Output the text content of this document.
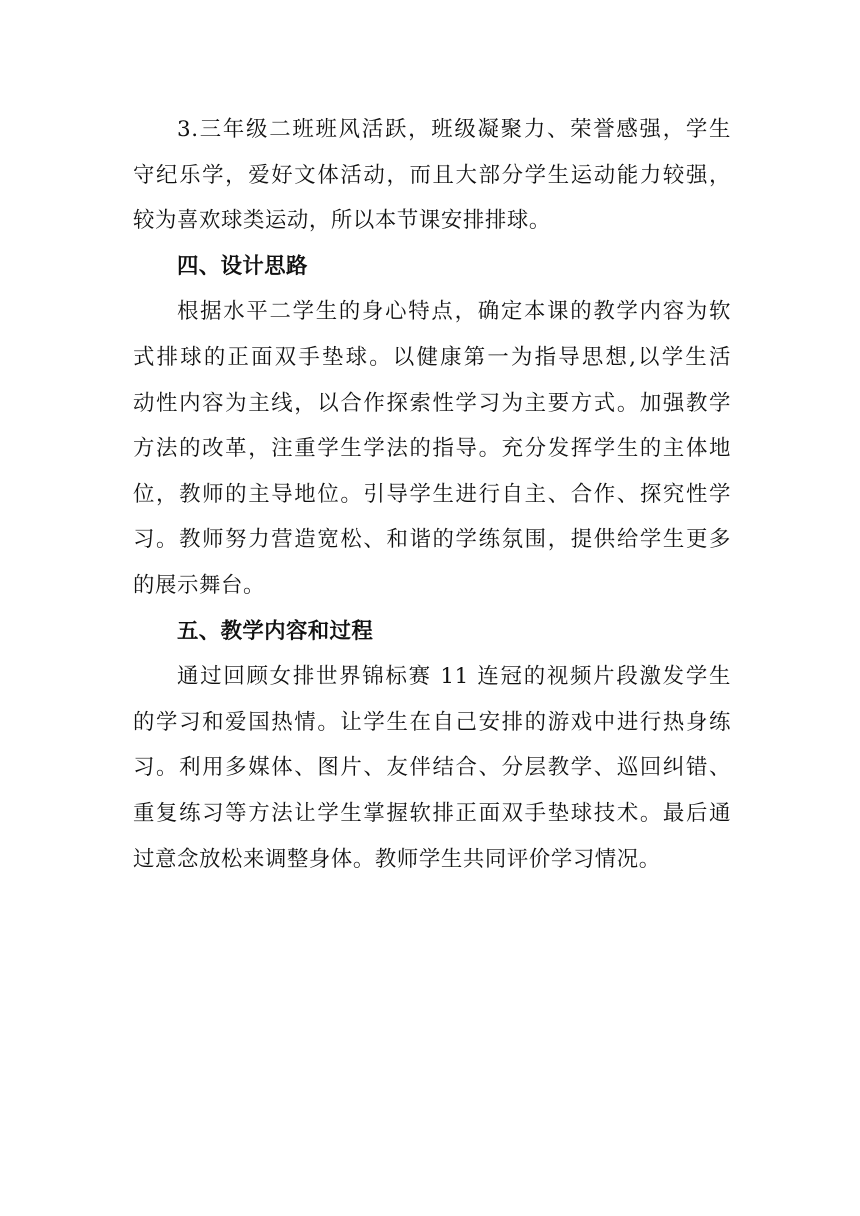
3.三年级二班班风活跃，班级凝聚力、荣誉感强，学生
守纪乐学，爱好文体活动，而且大部分学生运动能力较强，
较为喜欢球类运动，所以本节课安排排球。
四、设计思路
根据水平二学生的身心特点，确定本课的教学内容为软
式排球的正面双手垫球。以健康第一为指导思想,以学生活
动性内容为主线，以合作探索性学习为主要方式。加强教学
方法的改革，注重学生学法的指导。充分发挥学生的主体地
位，教师的主导地位。引导学生进行自主、合作、探究性学
习。教师努力营造宽松、和谐的学练氛围，提供给学生更多
的展示舞台。
五、教学内容和过程
通过回顾女排世界锦标赛 11 连冠的视频片段激发学生
的学习和爱国热情。让学生在自己安排的游戏中进行热身练
习。利用多媒体、图片、友伴结合、分层教学、巡回纠错、
重复练习等方法让学生掌握软排正面双手垫球技术。最后通
过意念放松来调整身体。教师学生共同评价学习情况。
